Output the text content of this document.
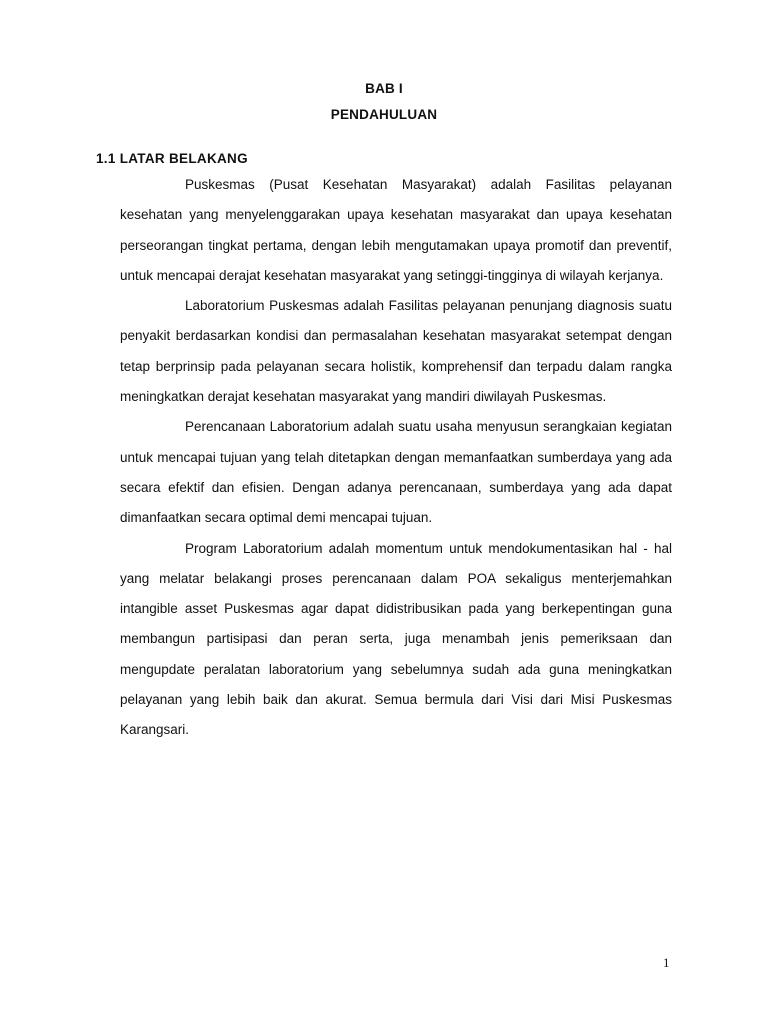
BAB I
PENDAHULUAN
1.1 LATAR BELAKANG

Puskesmas (Pusat Kesehatan Masyarakat) adalah Fasilitas pelayanan kesehatan yang menyelenggarakan upaya kesehatan masyarakat dan upaya kesehatan perseorangan tingkat pertama, dengan lebih mengutamakan upaya promotif dan preventif, untuk mencapai derajat kesehatan masyarakat yang setinggi-tingginya di wilayah kerjanya.

Laboratorium Puskesmas adalah Fasilitas pelayanan penunjang diagnosis suatu penyakit berdasarkan kondisi dan permasalahan kesehatan masyarakat setempat dengan tetap berprinsip pada pelayanan secara holistik, komprehensif dan terpadu dalam rangka meningkatkan derajat kesehatan masyarakat yang mandiri diwilayah Puskesmas.

Perencanaan Laboratorium adalah suatu usaha menyusun serangkaian kegiatan untuk mencapai tujuan yang telah ditetapkan dengan memanfaatkan sumberdaya yang ada secara efektif dan efisien. Dengan adanya perencanaan, sumberdaya yang ada dapat dimanfaatkan secara optimal demi mencapai tujuan.

Program Laboratorium adalah momentum untuk mendokumentasikan hal - hal yang melatar belakangi proses perencanaan dalam POA sekaligus menterjemahkan intangible asset Puskesmas agar dapat didistribusikan pada yang berkepentingan guna membangun partisipasi dan peran serta, juga menambah jenis pemeriksaan dan mengupdate peralatan laboratorium yang sebelumnya sudah ada guna meningkatkan pelayanan yang lebih baik dan akurat. Semua bermula dari Visi dari Misi Puskesmas Karangsari.

1
